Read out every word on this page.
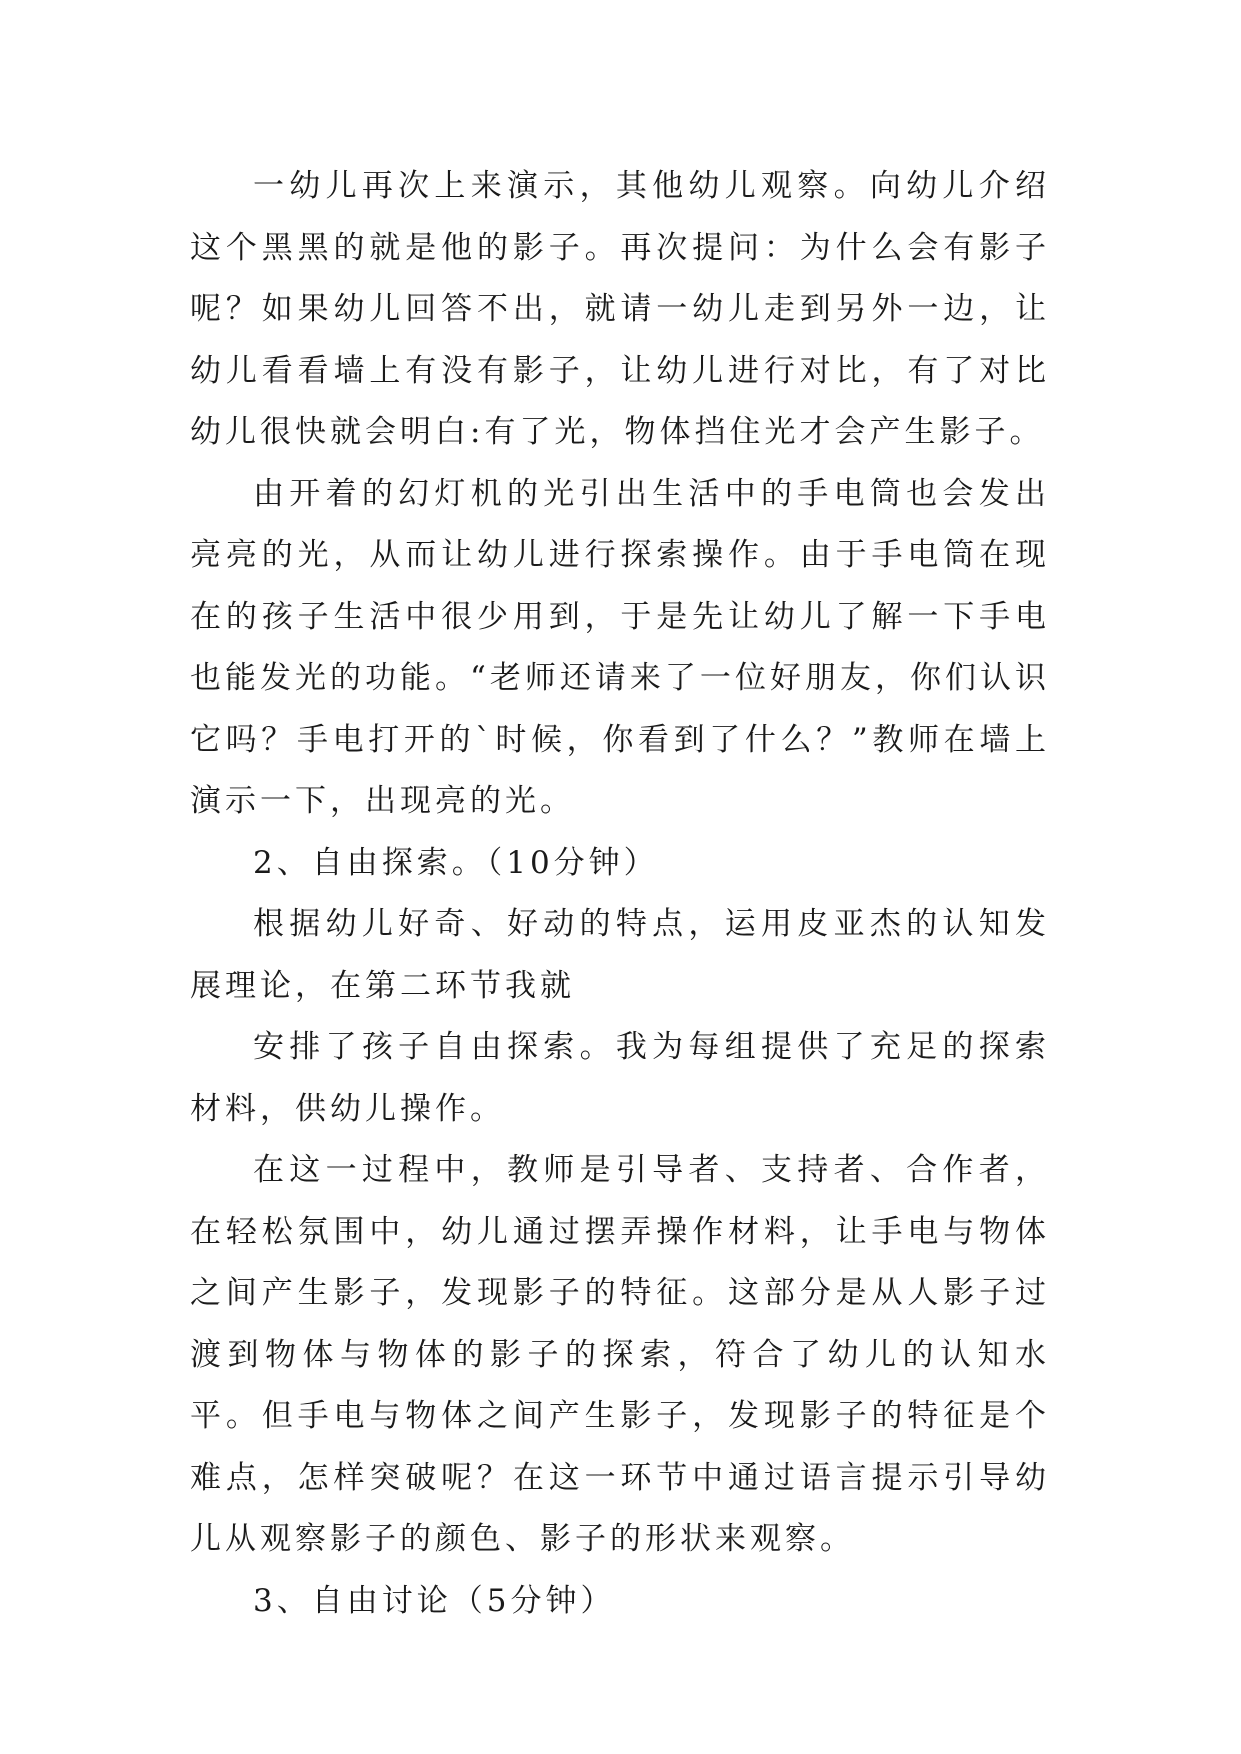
一幼儿再次上来演示，其他幼儿观察。向幼儿介绍这个黑黑的就是他的影子。再次提问：为什么会有影子呢？如果幼儿回答不出，就请一幼儿走到另外一边，让幼儿看看墙上有没有影子，让幼儿进行对比，有了对比幼儿很快就会明白:有了光，物体挡住光才会产生影子。

由开着的幻灯机的光引出生活中的手电筒也会发出亮亮的光，从而让幼儿进行探索操作。由于手电筒在现在的孩子生活中很少用到，于是先让幼儿了解一下手电也能发光的功能。“老师还请来了一位好朋友，你们认识它吗？手电打开的`时候，你看到了什么？”教师在墙上演示一下，出现亮的光。

2、自由探索。（10分钟）

根据幼儿好奇、好动的特点，运用皮亚杰的认知发展理论，在第二环节我就

安排了孩子自由探索。我为每组提供了充足的探索材料，供幼儿操作。

在这一过程中，教师是引导者、支持者、合作者，在轻松氛围中，幼儿通过摆弄操作材料，让手电与物体之间产生影子，发现影子的特征。这部分是从人影子过渡到物体与物体的影子的探索，符合了幼儿的认知水平。但手电与物体之间产生影子，发现影子的特征是个难点，怎样突破呢？在这一环节中通过语言提示引导幼儿从观察影子的颜色、影子的形状来观察。

3、自由讨论（5分钟）
